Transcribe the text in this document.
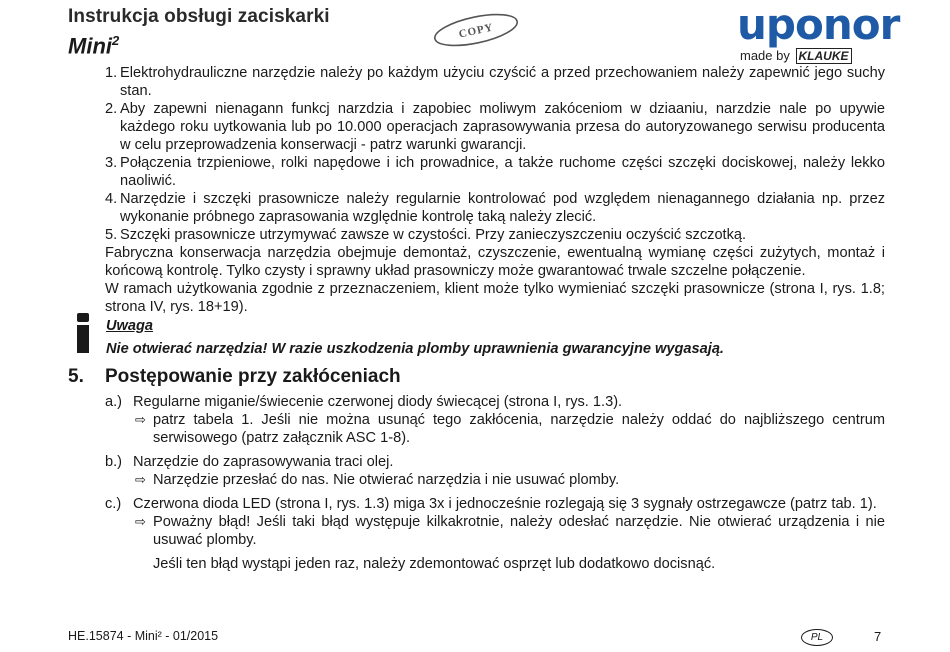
Instrukcja obsługi zaciskarki
Mini$^2$	COPY	uponor
made by KLAUKE
1. Elektrohydrauliczne narzędzie należy po każdym użyciu czyścić a przed przechowaniem należy zapewnić jego suchy stan.
2. Aby zapewni nienagann funkcj narzdzia i zapobiec moliwym zakóceniom w dziaaniu, narzdzie nale po upywie każdego roku uytkowania lub po 10.000 operacjach zaprasowywania przesa do autoryzowanego serwisu producenta w celu przeprowadzenia konserwacji - patrz warunki gwarancji.
3. Połączenia trzpieniowe, rolki napędowe i ich prowadnice, a także ruchome części szczęki dociskowej, należy lekko naoliwić.
4. Narzędzie i szczęki prasownicze należy regularnie kontrolować pod względem nienagannego działania np. przez wykonanie próbnego zaprasowania względnie kontrolę taką należy zlecić.
5. Szczęki prasownicze utrzymywać zawsze w czystości. Przy zanieczyszczeniu oczyścić szczotką.

Fabryczna konserwacja narzędzia obejmuje demontaż, czyszczenie, ewentualną wymianę części zużytych, montaż i końcową kontrolę. Tylko czysty i sprawny układ prasowniczy może gwarantować trwale szczelne połączenie.

W ramach użytkowania zgodnie z przeznaczeniem, klient może tylko wymieniać szczęki prasownicze (strona I, rys. 1.8; strona IV, rys. 18+19).

Uwaga
Nie otwierać narzędzia! W razie uszkodzenia plomby uprawnienia gwarancyjne wygasają.
5. Postępowanie przy zakłóceniach
a.) Regularne miganie/świecenie czerwonej diody świecącej (strona I, rys. 1.3).
⇨ patrz tabela 1. Jeśli nie można usunąć tego zakłócenia, narzędzie należy oddać do najbliższego centrum serwisowego (patrz załącznik ASC 1-8).
b.) Narzędzie do zaprasowywania traci olej.
⇨ Narzędzie przesłać do nas. Nie otwierać narzędzia i nie usuwać plomby.
c.) Czerwona dioda LED (strona I, rys. 1.3) miga 3x i jednocześnie rozlegają się 3 sygnały ostrzegawcze (patrz tab. 1).
⇨ Poważny błąd! Jeśli taki błąd występuje kilkakrotnie, należy odesłać narzędzie. Nie otwierać urządzenia i nie usuwać plomby.
Jeśli ten błąd wystąpi jeden raz, należy zdemontować osprzęt lub dodatkowo docisnąć.
HE.15874 - Mini² - 01/2015	PL	7
